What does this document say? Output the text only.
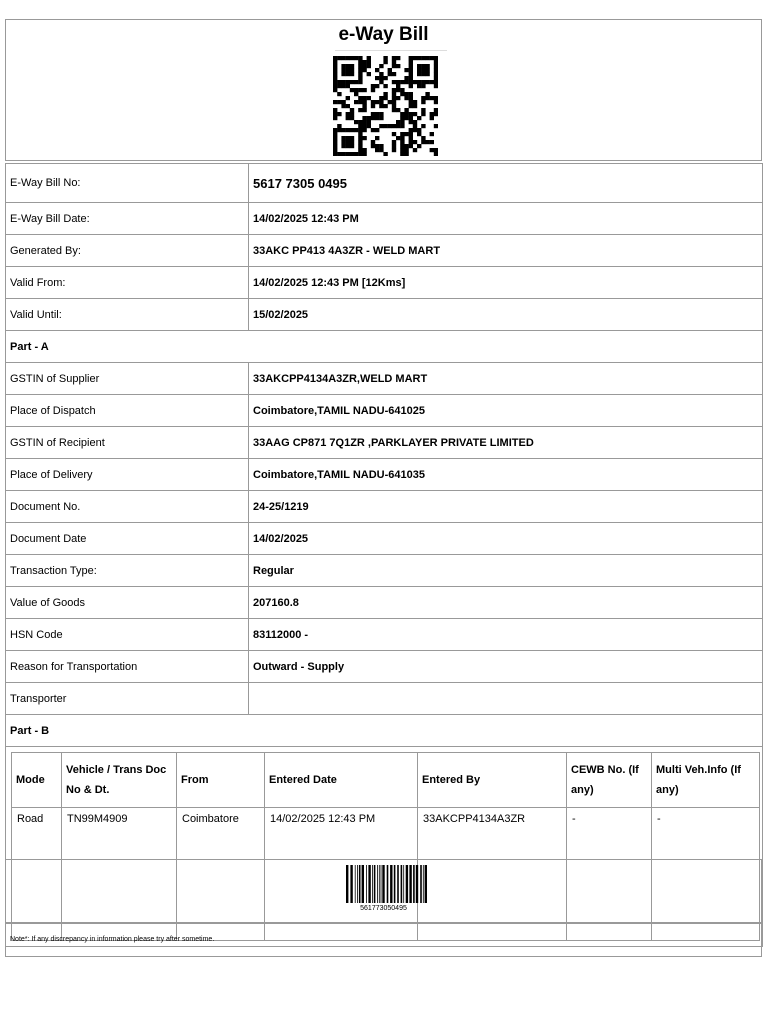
e-Way Bill
E-Way Bill No:	5617 7305 0495
E-Way Bill Date:	14/02/2025 12:43 PM
Generated By:	33AKC PP413 4A3ZR - WELD MART
Valid From:	14/02/2025 12:43 PM [12Kms]
Valid Until:	15/02/2025
Part - A
GSTIN of Supplier	33AKCPP4134A3ZR,WELD MART
Place of Dispatch	Coimbatore,TAMIL NADU-641025
GSTIN of Recipient	33AAG CP871 7Q1ZR ,PARKLAYER PRIVATE LIMITED
Place of Delivery	Coimbatore,TAMIL NADU-641035
Document No.	24-25/1219
Document Date	14/02/2025
Transaction Type:	Regular
Value of Goods	207160.8
HSN Code	83112000 -
Reason for Transportation	Outward - Supply
Transporter	
Part - B

Mode	Vehicle / Trans Doc No & Dt.	From	Entered Date	Entered By	CEWB No. (If any)	Multi Veh.Info (If any)
Road	TN99M4909	Coimbatore	14/02/2025 12:43 PM	33AKCPP4134A3ZR	-	-
561773050495
Note*: If any discrepancy in information please try after sometime.
